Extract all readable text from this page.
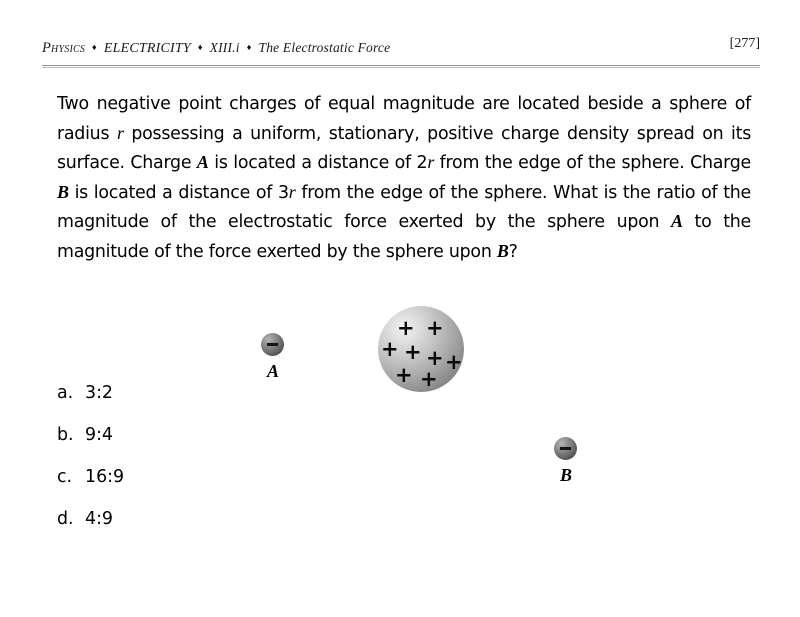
Physics ♦ ELECTRICITY ♦ XIII.i ♦ The Electrostatic Force	[277]
Two negative point charges of equal magnitude are located beside a sphere of radius r possessing a uniform, stationary, positive charge density spread on its surface. Charge A is located a distance of 2r from the edge of the sphere. Charge B is located a distance of 3r from the edge of the sphere. What is the ratio of the magnitude of the electrostatic force exerted by the sphere upon A to the magnitude of the force exerted by the sphere upon B?
+ +
+ + + +
+ +
A
B
a. 3:2
b. 9:4
c. 16:9
d. 4:9
